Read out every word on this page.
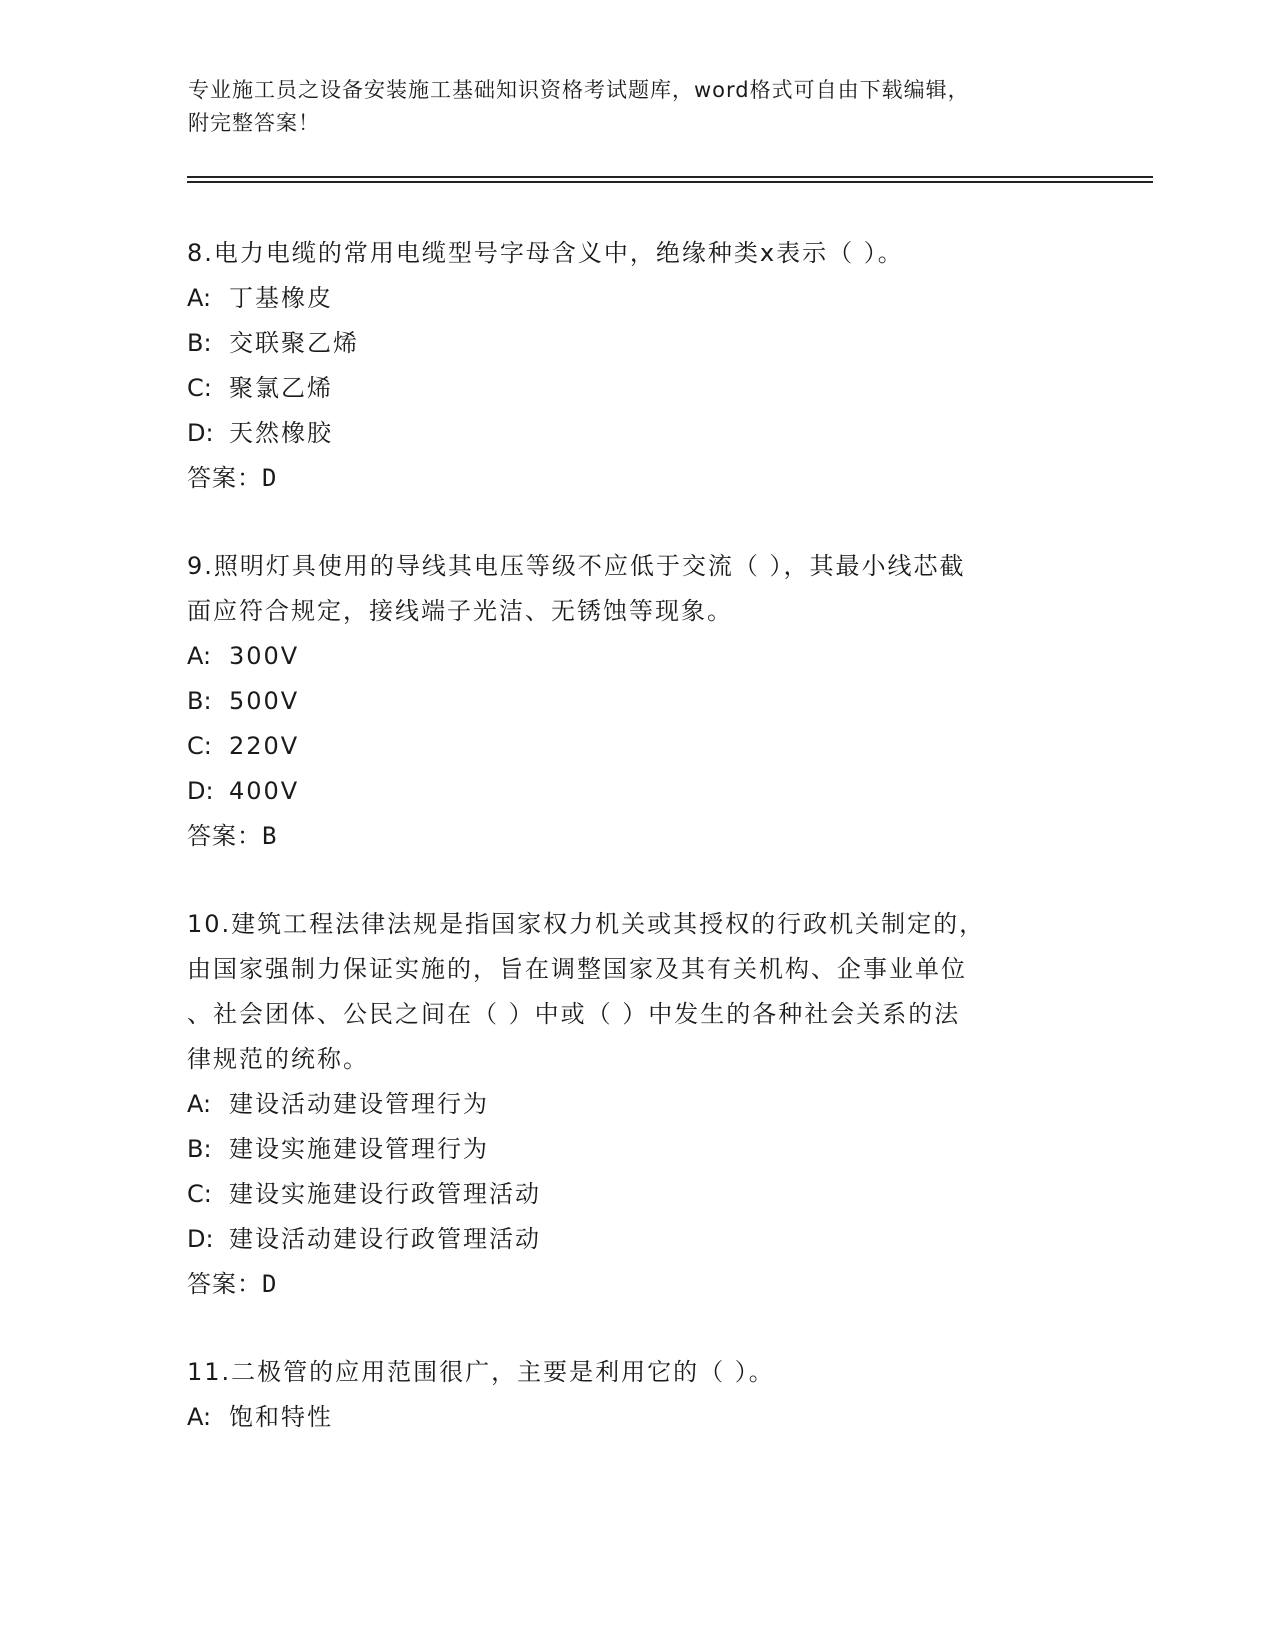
专业施工员之设备安装施工基础知识资格考试题库，word格式可自由下载编辑，
附完整答案！
8.电力电缆的常用电缆型号字母含义中，绝缘种类x表示（ ）。
A: 丁基橡皮
B: 交联聚乙烯
C: 聚氯乙烯
D: 天然橡胶
答案：D
9.照明灯具使用的导线其电压等级不应低于交流（ ），其最小线芯截
面应符合规定，接线端子光洁、无锈蚀等现象。
A: 300V
B: 500V
C: 220V
D: 400V
答案：B
10.建筑工程法律法规是指国家权力机关或其授权的行政机关制定的，
由国家强制力保证实施的，旨在调整国家及其有关机构、企事业单位
、社会团体、公民之间在（ ）中或（ ）中发生的各种社会关系的法
律规范的统称。
A: 建设活动建设管理行为
B: 建设实施建设管理行为
C: 建设实施建设行政管理活动
D: 建设活动建设行政管理活动
答案：D
11.二极管的应用范围很广，主要是利用它的（ ）。
A: 饱和特性
